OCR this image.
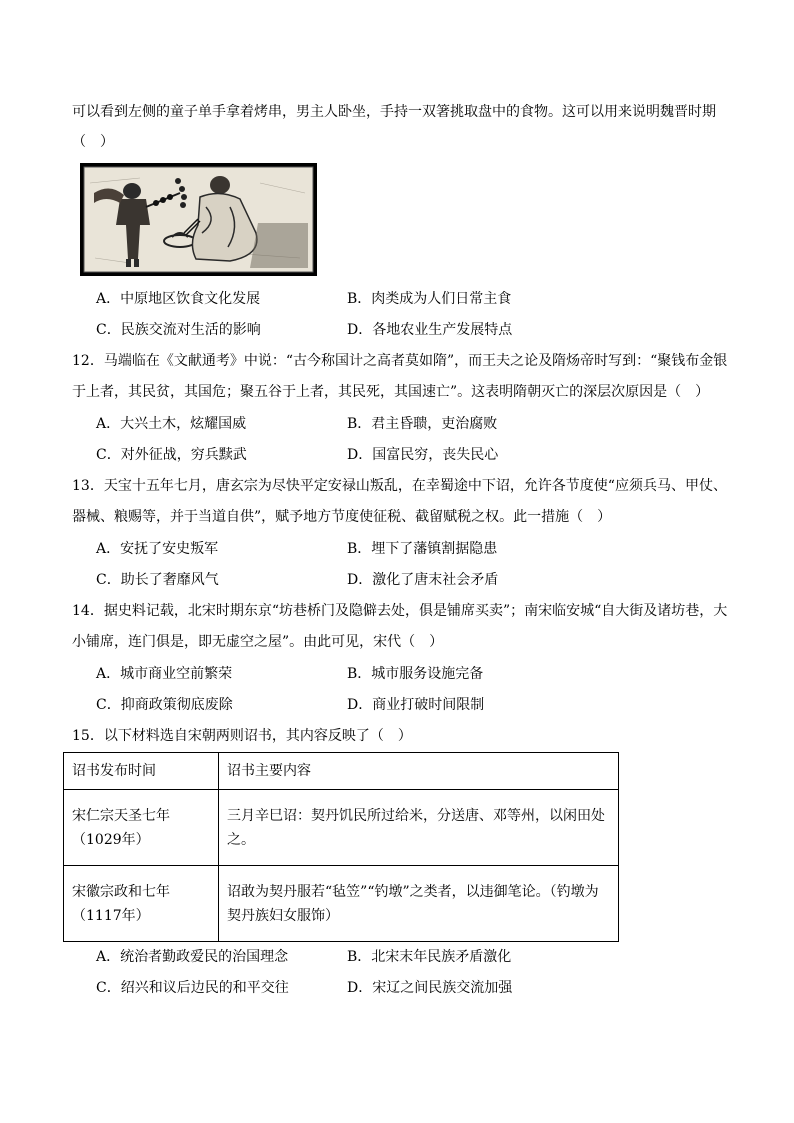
可以看到左侧的童子单手拿着烤串，男主人卧坐，手持一双箸挑取盘中的食物。这可以用来说明魏晋时期
（　）
A．中原地区饮食文化发展	B．肉类成为人们日常主食
C．民族交流对生活的影响	D．各地农业生产发展特点
12．马端临在《文献通考》中说：“古今称国计之高者莫如隋”，而王夫之论及隋炀帝时写到：“聚钱布金银
于上者，其民贫，其国危；聚五谷于上者，其民死，其国速亡”。这表明隋朝灭亡的深层次原因是（　）
A．大兴土木，炫耀国威	B．君主昏聩，吏治腐败
C．对外征战，穷兵黩武	D．国富民穷，丧失民心
13．天宝十五年七月，唐玄宗为尽快平定安禄山叛乱，在幸蜀途中下诏，允许各节度使“应须兵马、甲仗、
器械、粮赐等，并于当道自供”，赋予地方节度使征税、截留赋税之权。此一措施（　）
A．安抚了安史叛军	B．埋下了藩镇割据隐患
C．助长了奢靡风气	D．激化了唐末社会矛盾
14．据史料记载，北宋时期东京“坊巷桥门及隐僻去处，俱是铺席买卖”；南宋临安城“自大街及诸坊巷，大
小铺席，连门俱是，即无虚空之屋”。由此可见，宋代（　）
A．城市商业空前繁荣	B．城市服务设施完备
C．抑商政策彻底废除	D．商业打破时间限制
15．以下材料选自宋朝两则诏书，其内容反映了（　）
诏书发布时间	诏书主要内容
宋仁宗天圣七年（1029年）	三月辛巳诏：契丹饥民所过给米，分送唐、邓等州，以闲田处之。
宋徽宗政和七年（1117年）	诏敢为契丹服若“毡笠”“钓墩”之类者，以违御笔论。（钓墩为契丹族妇女服饰）
A．统治者勤政爱民的治国理念	B．北宋末年民族矛盾激化
C．绍兴和议后边民的和平交往	D．宋辽之间民族交流加强
